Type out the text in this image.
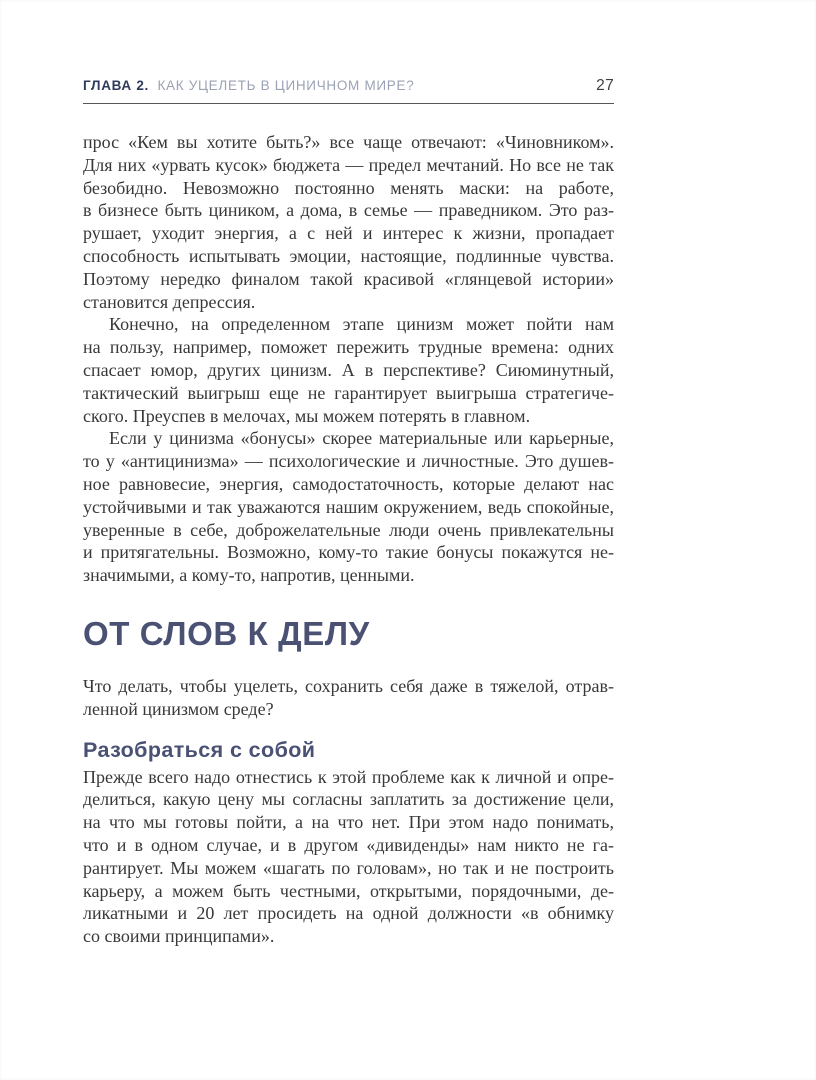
ГЛАВА 2. КАК УЦЕЛЕТЬ В ЦИНИЧНОМ МИРЕ?	27

прос «Кем вы хотите быть?» все чаще отвечают: «Чиновником».
Для них «урвать кусок» бюджета — предел мечтаний. Но все не так
безобидно. Невозможно постоянно менять маски: на работе,
в бизнесе быть циником, а дома, в семье — праведником. Это раз-
рушает, уходит энергия, а с ней и интерес к жизни, пропадает
способность испытывать эмоции, настоящие, подлинные чувства.
Поэтому нередко финалом такой красивой «глянцевой истории»
становится депрессия.

Конечно, на определенном этапе цинизм может пойти нам
на пользу, например, поможет пережить трудные времена: одних
спасает юмор, других цинизм. А в перспективе? Сиюминутный,
тактический выигрыш еще не гарантирует выигрыша стратегиче-
ского. Преуспев в мелочах, мы можем потерять в главном.

Если у цинизма «бонусы» скорее материальные или карьерные,
то у «антицинизма» — психологические и личностные. Это душев-
ное равновесие, энергия, самодостаточность, которые делают нас
устойчивыми и так уважаются нашим окружением, ведь спокойные,
уверенные в себе, доброжелательные люди очень привлекательны
и притягательны. Возможно, кому-то такие бонусы покажутся не-
значимыми, а кому-то, напротив, ценными.

ОТ СЛОВ К ДЕЛУ

Что делать, чтобы уцелеть, сохранить себя даже в тяжелой, отрав-
ленной цинизмом среде?

Разобраться с собой

Прежде всего надо отнестись к этой проблеме как к личной и опре-
делиться, какую цену мы согласны заплатить за достижение цели,
на что мы готовы пойти, а на что нет. При этом надо понимать,
что и в одном случае, и в другом «дивиденды» нам никто не га-
рантирует. Мы можем «шагать по головам», но так и не построить
карьеру, а можем быть честными, открытыми, порядочными, де-
ликатными и 20 лет просидеть на одной должности «в обнимку
со своими принципами».
